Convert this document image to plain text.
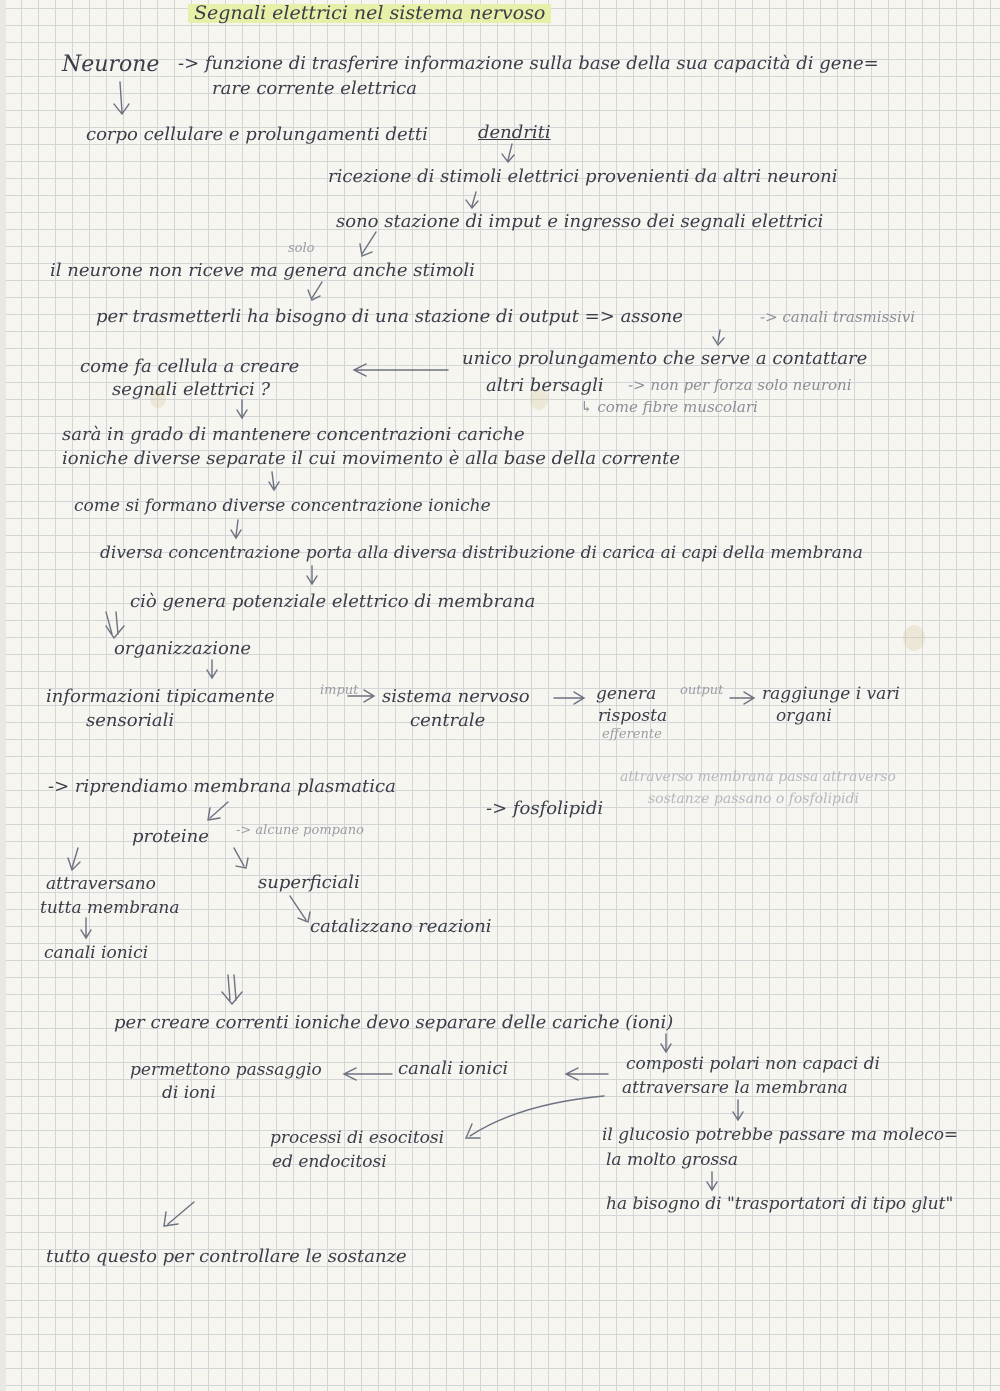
Segnali elettrici nel sistema nervoso
Neurone -> funzione di trasferire informazione sulla base della sua capacità di gene=
rare corrente elettrica
corpo cellulare e prolungamenti detti	dendriti
ricezione di stimoli elettrici provenienti da altri neuroni
sono stazione di imput e ingresso dei segnali elettrici
solo
il neurone non riceve ma genera anche stimoli
per trasmetterli ha bisogno di una stazione di output => assone	-> canali trasmissivi
come fa cellula a creare
segnali elettrici ?
unico prolungamento che serve a contattare
altri bersagli -> non per forza solo neuroni
↳ come fibre muscolari
sarà in grado di mantenere concentrazioni cariche
ioniche diverse separate il cui movimento è alla base della corrente
come si formano diverse concentrazione ioniche
diversa concentrazione porta alla diversa distribuzione di carica ai capi della membrana
ciò genera potenziale elettrico di membrana
organizzazione
informazioni tipicamente
sensoriali
imput sistema nervoso
centrale
genera
risposta
efferente
output raggiunge i vari
organi
-> riprendiamo membrana plasmatica
-> fosfolipidi
attraverso membrana passa attraverso
sostanze passano o fosfolipidi
proteine -> alcune pompano
attraversano
tutta membrana
superficiali
catalizzano reazioni
canali ionici
per creare correnti ioniche devo separare delle cariche (ioni)
permettono passaggio
di ioni
canali ionici	composti polari non capaci di
attraversare la membrana
processi di esocitosi
ed endocitosi
il glucosio potrebbe passare ma moleco=
la molto grossa
ha bisogno di "trasportatori di tipo glut"
tutto questo per controllare le sostanze
